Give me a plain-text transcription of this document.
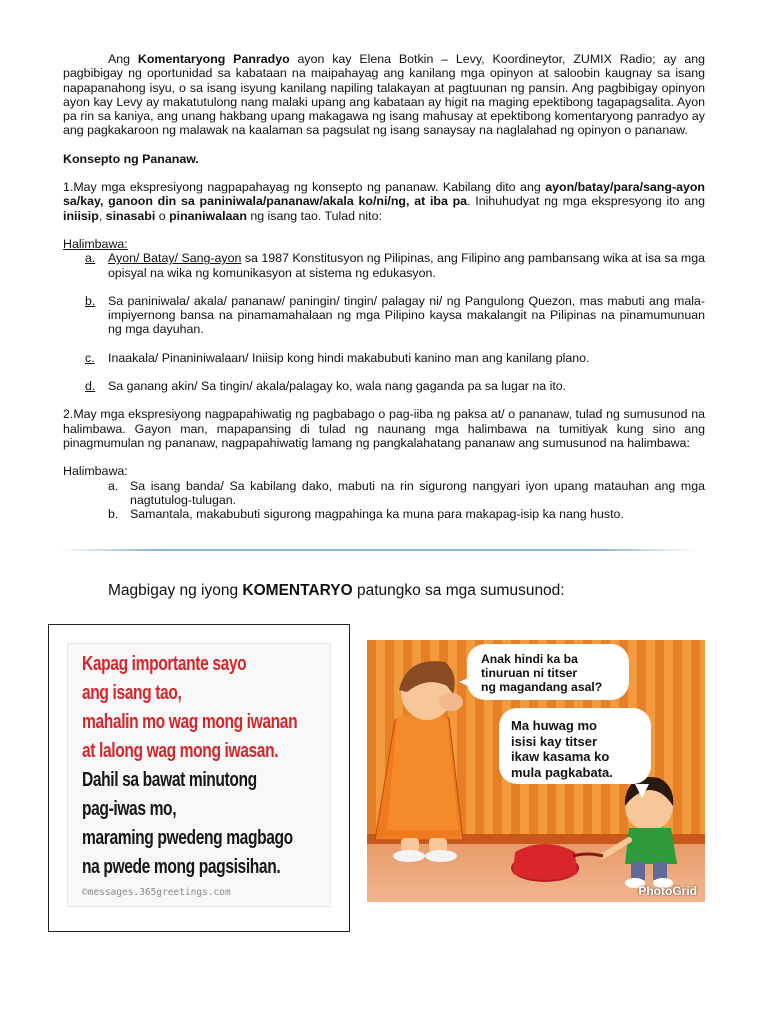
Ang Komentaryong Panradyo ayon kay Elena Botkin – Levy, Koordineytor, ZUMIX Radio; ay ang pagbibigay ng oportunidad sa kabataan na maipahayag ang kanilang mga opinyon at saloobin kaugnay sa isang napapanahong isyu, o sa isang isyung kanilang napiling talakayan at pagtuunan ng pansin. Ang pagbibigay opinyon ayon kay Levy ay makatutulong nang malaki upang ang kabataan ay higit na maging epektibong tagapagsalita. Ayon pa rin sa kaniya, ang unang hakbang upang makagawa ng isang mahusay at epektibong komentaryong panradyo ay ang pagkakaroon ng malawak na kaalaman sa pagsulat ng isang sanaysay na naglalahad ng opinyon o pananaw.

Konsepto ng Pananaw.

1.May mga ekspresiyong nagpapahayag ng konsepto ng pananaw. Kabilang dito ang ayon/batay/para/sang-ayon sa/kay, ganoon din sa paniniwala/pananaw/akala ko/ni/ng, at iba pa. Inihuhudyat ng mga ekspresyong ito ang iniisip, sinasabi o pinaniwalaan ng isang tao. Tulad nito:

Halimbawa:

a. Ayon/ Batay/ Sang-ayon sa 1987 Konstitusyon ng Pilipinas, ang Filipino ang pambansang wika at isa sa mga opisyal na wika ng komunikasyon at sistema ng edukasyon.

b. Sa paniniwala/ akala/ pananaw/ paningin/ tingin/ palagay ni/ ng Pangulong Quezon, mas mabuti ang mala-impiyernong bansa na pinamamahalaan ng mga Pilipino kaysa makalangit na Pilipinas na pinamumunuan ng mga dayuhan.

c. Inaakala/ Pinaniniwalaan/ Iniisip kong hindi makabubuti kanino man ang kanilang plano.

d. Sa ganang akin/ Sa tingin/ akala/palagay ko, wala nang gaganda pa sa lugar na ito.

2.May mga ekspresiyong nagpapahiwatig ng pagbabago o pag-iiba ng paksa at/ o pananaw, tulad ng sumusunod na halimbawa. Gayon man, mapapansing di tulad ng naunang mga halimbawa na tumitiyak kung sino ang pinagmumulan ng pananaw, nagpapahiwatig lamang ng pangkalahatang pananaw ang sumusunod na halimbawa:

Halimbawa:

a. Sa isang banda/ Sa kabilang dako, mabuti na rin sigurong nangyari iyon upang matauhan ang mga nagtutulog-tulugan.

b. Samantala, makabubuti sigurong magpahinga ka muna para makapag-isip ka nang husto.

Magbigay ng iyong KOMENTARYO patungko sa mga sumusunod:
Kapag importante sayo
ang isang tao,
mahalin mo wag mong iwanan
at lalong wag mong iwasan.
Dahil sa bawat minutong
pag-iwas mo,
maraming pwedeng magbago
na pwede mong pagsisihan.
©messages.365greetings.com
Anak hindi ka ba
tinuruan ni titser
ng magandang asal?
Ma huwag mo
isisi kay titser
ikaw kasama ko
mula pagkabata.
PhotoGrid
